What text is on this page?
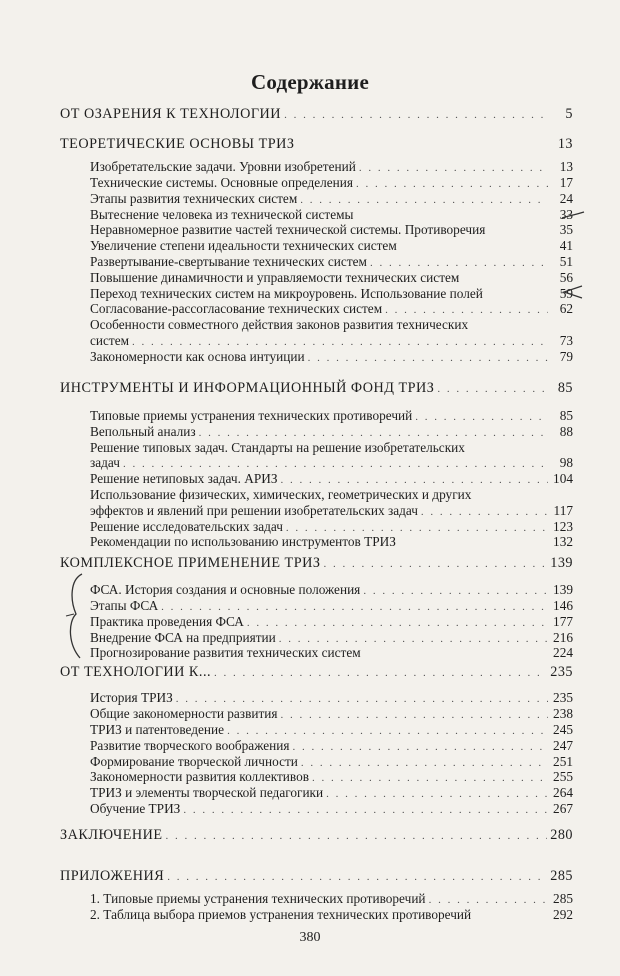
Содержание
ОТ ОЗАРЕНИЯ К ТЕХНОЛОГИИ . . .	5
ТЕОРЕТИЧЕСКИЕ ОСНОВЫ ТРИЗ	13
Изобретательские задачи. Уровни изобретений . . .	13
Технические системы. Основные определения . . .	17
Этапы развития технических систем . . .	24
Вытеснение человека из технической системы	33
Неравномерное развитие частей технической системы. Противоречия	35
Увеличение степени идеальности технических систем	41
Развертывание-свертывание технических систем . . .	51
Повышение динамичности и управляемости технических систем	56
Переход технических систем на микроуровень. Использование полей	59
Согласование-рассогласование технических систем . . .	62
Особенности совместного действия законов развития технических
систем . . .	73
Закономерности как основа интуиции . . .	79
ИНСТРУМЕНТЫ И ИНФОРМАЦИОННЫЙ ФОНД ТРИЗ . . .	85
Типовые приемы устранения технических противоречий . . .	85
Вепольный анализ . . .	88
Решение типовых задач. Стандарты на решение изобретательских
задач . . .	98
Решение нетиповых задач. АРИЗ . . .	104
Использование физических, химических, геометрических и других
эффектов и явлений при решении изобретательских задач . . .	117
Решение исследовательских задач . . .	123
Рекомендации по использованию инструментов ТРИЗ	132
КОМПЛЕКСНОЕ ПРИМЕНЕНИЕ ТРИЗ . . .	139
ФСА. История создания и основные положения . . .	139
Этапы ФСА . . .	146
Практика проведения ФСА . . .	177
Внедрение ФСА на предприятии . . .	216
Прогнозирование развития технических систем	224
ОТ ТЕХНОЛОГИИ К... . . .	235
История ТРИЗ . . .	235
Общие закономерности развития . . .	238
ТРИЗ и патентоведение . . .	245
Развитие творческого воображения . . .	247
Формирование творческой личности . . .	251
Закономерности развития коллективов . . .	255
ТРИЗ и элементы творческой педагогики . . .	264
Обучение ТРИЗ . . .	267
ЗАКЛЮЧЕНИЕ . . .	280
ПРИЛОЖЕНИЯ . . .	285
1. Типовые приемы устранения технических противоречий . . .	285
2. Таблица выбора приемов устранения технических противоречий	292
380
